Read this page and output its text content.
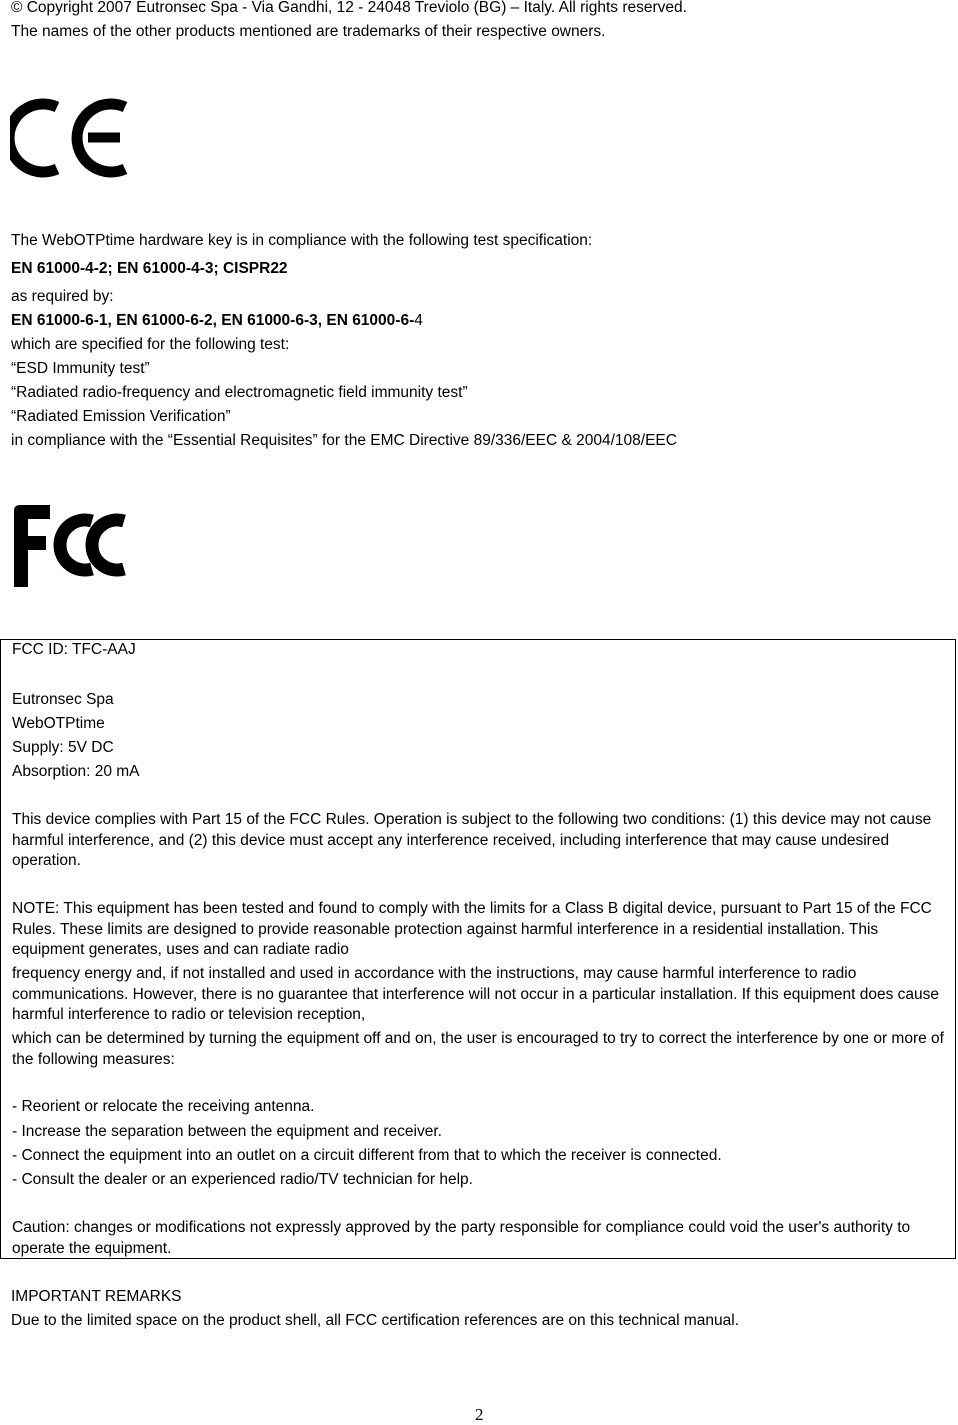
© Copyright 2007 Eutronsec Spa - Via Gandhi, 12 - 24048 Treviolo (BG) – Italy. All rights reserved.
The names of the other products mentioned are trademarks of their respective owners.
The WebOTPtime hardware key is in compliance with the following test specification:
EN 61000-4-2; EN 61000-4-3; CISPR22
as required by:
EN 61000-6-1, EN 61000-6-2, EN 61000-6-3, EN 61000-6-4
which are specified for the following test:
“ESD Immunity test”
“Radiated radio-frequency and electromagnetic field immunity test”
“Radiated Emission Verification”
in compliance with the “Essential Requisites” for the EMC Directive 89/336/EEC & 2004/108/EEC
FCC ID: TFC-AAJ
Eutronsec Spa
WebOTPtime
Supply: 5V DC
Absorption: 20 mA
This device complies with Part 15 of the FCC Rules. Operation is subject to the following two conditions: (1) this device may not cause harmful interference, and (2) this device must accept any interference received, including interference that may cause undesired operation.
NOTE: This equipment has been tested and found to comply with the limits for a Class B digital device, pursuant to Part 15 of the FCC Rules. These limits are designed to provide reasonable protection against harmful interference in a residential installation. This equipment generates, uses and can radiate radio
frequency energy and, if not installed and used in accordance with the instructions, may cause harmful interference to radio communications. However, there is no guarantee that interference will not occur in a particular installation. If this equipment does cause harmful interference to radio or television reception,
which can be determined by turning the equipment off and on, the user is encouraged to try to correct the interference by one or more of the following measures:
- Reorient or relocate the receiving antenna.
- Increase the separation between the equipment and receiver.
- Connect the equipment into an outlet on a circuit different from that to which the receiver is connected.
- Consult the dealer or an experienced radio/TV technician for help.
Caution: changes or modifications not expressly approved by the party responsible for compliance could void the user's authority to operate the equipment.
IMPORTANT REMARKS
Due to the limited space on the product shell, all FCC certification references are on this technical manual.
2
